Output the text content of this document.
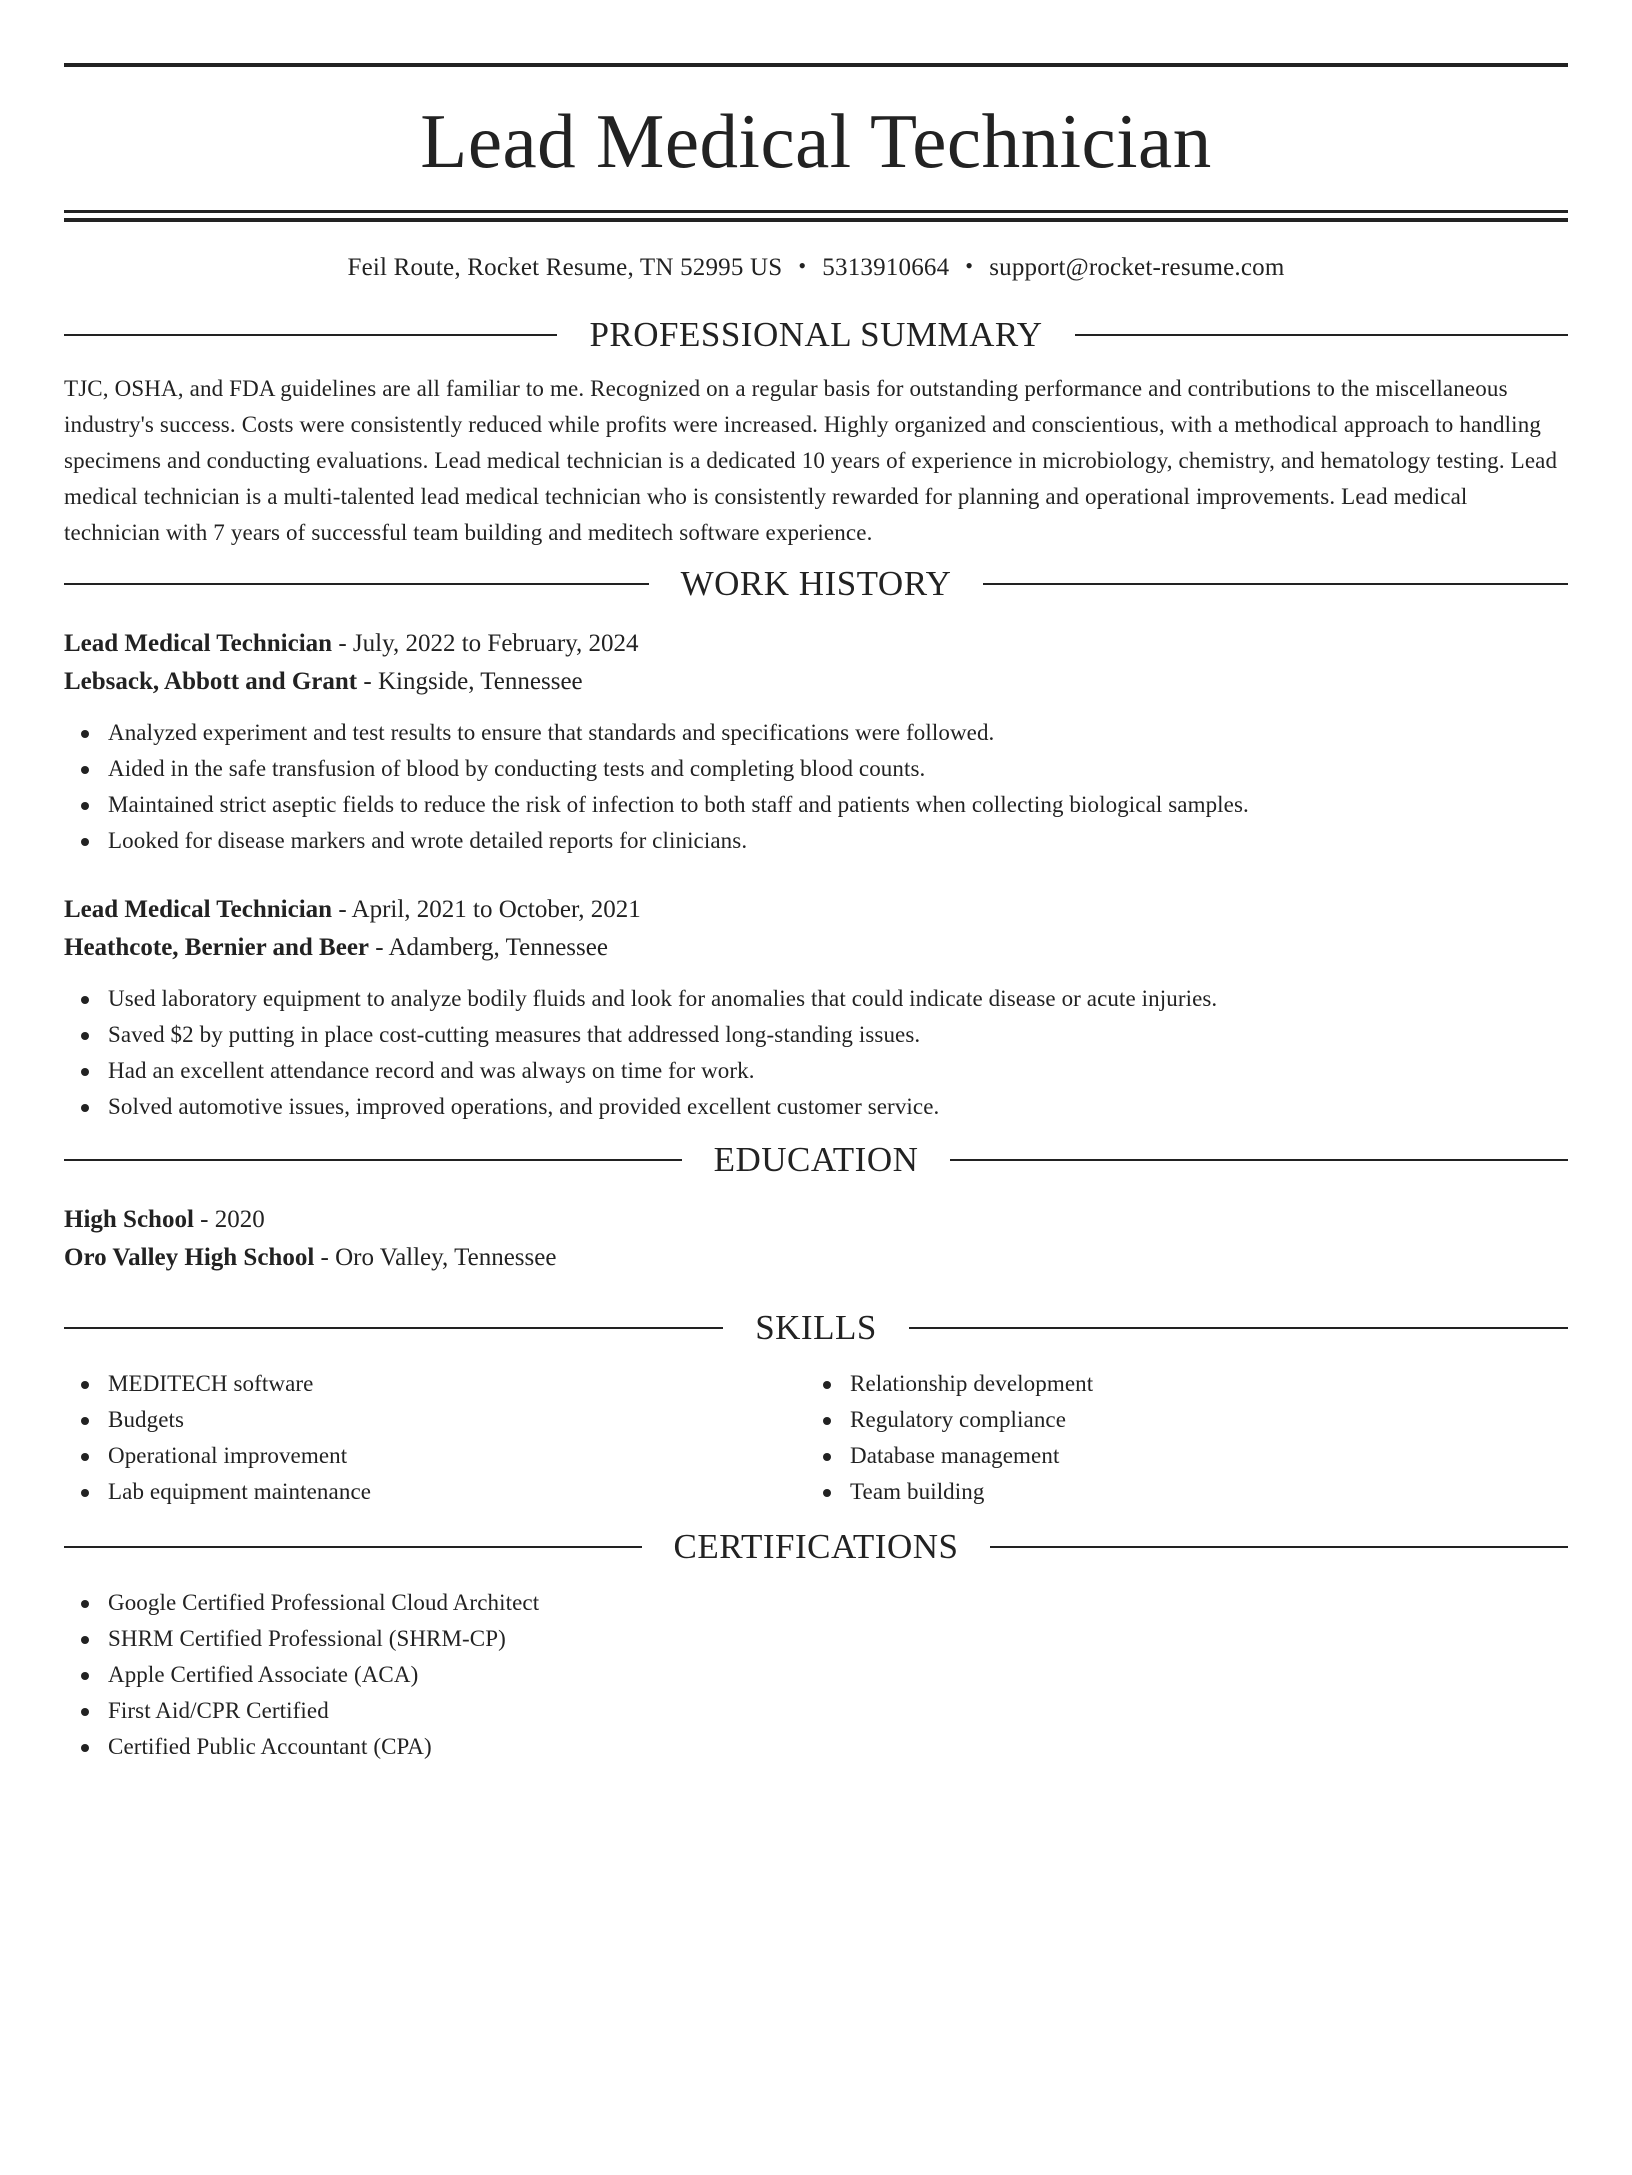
Lead Medical Technician
Feil Route, Rocket Resume, TN 52995 US • 5313910664 • support@rocket-resume.com
PROFESSIONAL SUMMARY

TJC, OSHA, and FDA guidelines are all familiar to me. Recognized on a regular basis for outstanding performance and contributions to the miscellaneous industry's success. Costs were consistently reduced while profits were increased. Highly organized and conscientious, with a methodical approach to handling specimens and conducting evaluations. Lead medical technician is a dedicated 10 years of experience in microbiology, chemistry, and hematology testing. Lead medical technician is a multi-talented lead medical technician who is consistently rewarded for planning and operational improvements. Lead medical technician with 7 years of successful team building and meditech software experience.

WORK HISTORY

Lead Medical Technician - July, 2022 to February, 2024

Lebsack, Abbott and Grant - Kingside, Tennessee

Analyzed experiment and test results to ensure that standards and specifications were followed.
Aided in the safe transfusion of blood by conducting tests and completing blood counts.
Maintained strict aseptic fields to reduce the risk of infection to both staff and patients when collecting biological samples.
Looked for disease markers and wrote detailed reports for clinicians.

Lead Medical Technician - April, 2021 to October, 2021

Heathcote, Bernier and Beer - Adamberg, Tennessee

Used laboratory equipment to analyze bodily fluids and look for anomalies that could indicate disease or acute injuries.
Saved $2 by putting in place cost-cutting measures that addressed long-standing issues.
Had an excellent attendance record and was always on time for work.
Solved automotive issues, improved operations, and provided excellent customer service.
EDUCATION

High School - 2020

Oro Valley High School - Oro Valley, Tennessee

SKILLS
MEDITECH software
Budgets
Operational improvement
Lab equipment maintenance
Relationship development
Regulatory compliance
Database management
Team building
CERTIFICATIONS
Google Certified Professional Cloud Architect
SHRM Certified Professional (SHRM-CP)
Apple Certified Associate (ACA)
First Aid/CPR Certified
Certified Public Accountant (CPA)
